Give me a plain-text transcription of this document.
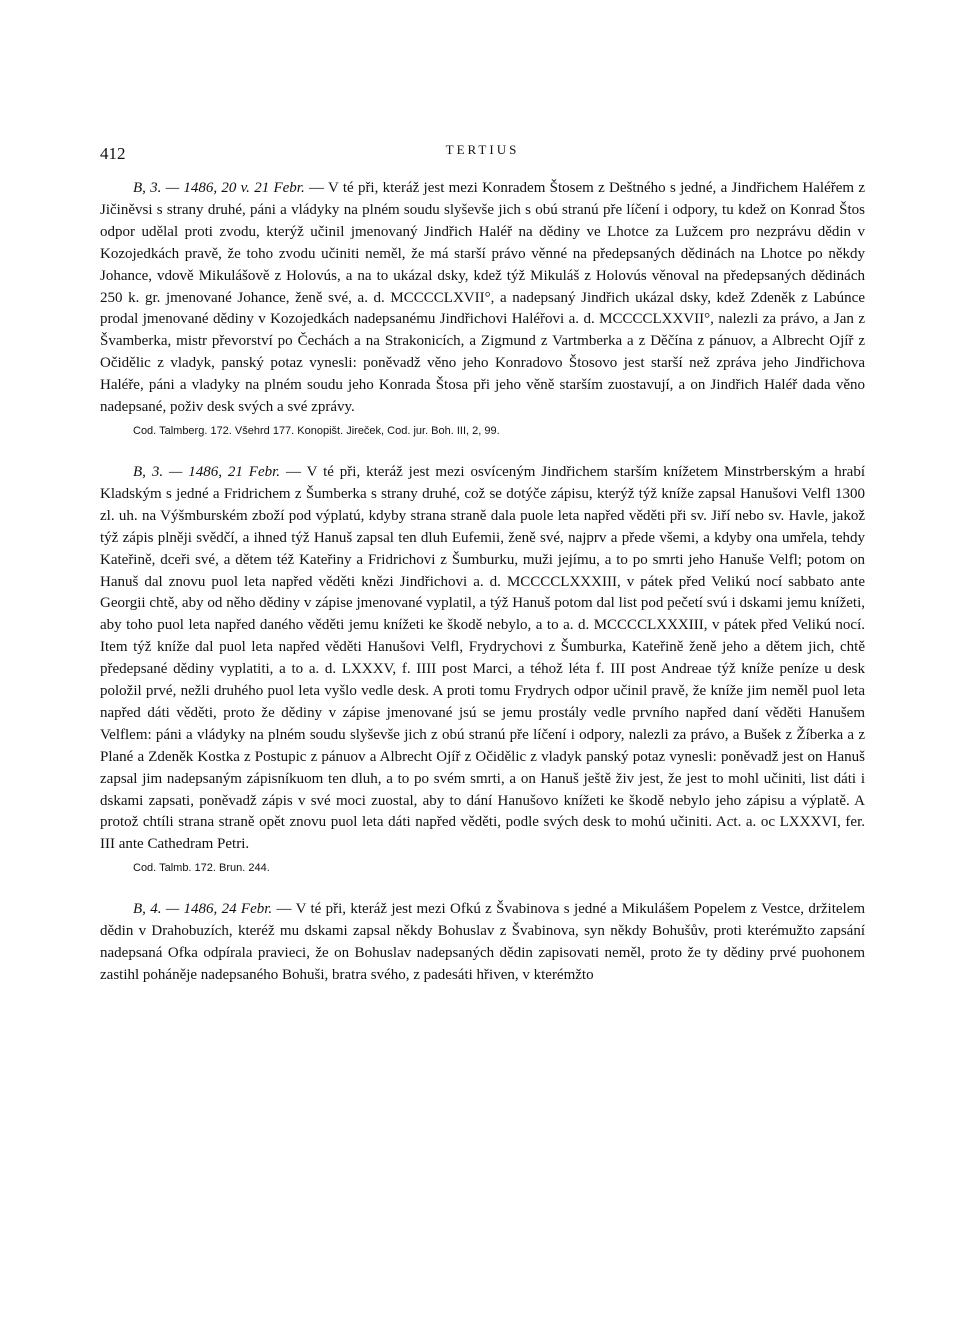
412	TERTIUS

B, 3. — 1486, 20 v. 21 Febr. — V té při, kteráž jest mezi Konradem Štosem z Deštného s jedné, a Jindřichem Haléřem z Jičiněvsi s strany druhé, páni a vládyky na plném soudu slyševše jich s obú stranú pře líčení i odpory, tu kdež on Konrad Štos odpor udělal proti zvodu, kterýž učinil jmenovaný Jindřich Haléř na dědiny ve Lhotce za Lužcem pro nezprávu dědin v Kozojedkách pravě, že toho zvodu učiniti neměl, že má starší právo věnné na předepsaných dědinách na Lhotce po někdy Johance, vdově Mikulášově z Holovús, a na to ukázal dsky, kdež týž Mikuláš z Holovús věnoval na předepsaných dědinách 250 k. gr. jmenované Johance, ženě své, a. d. MCCCCLXVII°, a nadepsaný Jindřich ukázal dsky, kdež Zdeněk z Labúnce prodal jmenované dědiny v Kozojedkách nadepsanému Jindřichovi Haléřovi a. d. MCCCCLXXVII°, nalezli za právo, a Jan z Švamberka, mistr převorství po Čechách a na Strakonicích, a Zigmund z Vartmberka a z Děčína z pánuov, a Albrecht Ojíř z Očidělic z vladyk, panský potaz vynesli: poněvadž věno jeho Konradovo Štosovo jest starší než zpráva jeho Jindřichova Haléře, páni a vladyky na plném soudu jeho Konrada Štosa při jeho věně starším zuostavují, a on Jindřich Haléř dada věno nadepsané, poživ desk svých a své zprávy.

Cod. Talmberg. 172. Všehrd 177. Konopišt. Jireček, Cod. jur. Boh. III, 2, 99.

B, 3. — 1486, 21 Febr. — V té při, kteráž jest mezi osvíceným Jindřichem starším knížetem Minstrberským a hrabí Kladským s jedné a Fridrichem z Šumberka s strany druhé, což se dotýče zápisu, kterýž týž kníže zapsal Hanušovi Velfl 1300 zl. uh. na Výšmburském zboží pod výplatú, kdyby strana straně dala puole leta napřed věděti při sv. Jiří nebo sv. Havle, jakož týž zápis plněji svědčí, a ihned týž Hanuš zapsal ten dluh Eufemii, ženě své, najprv a přede všemi, a kdyby ona umřela, tehdy Kateřině, dceři své, a dětem též Kateřiny a Fridrichovi z Šumburku, muži jejímu, a to po smrti jeho Hanuše Velfl; potom on Hanuš dal znovu puol leta napřed věděti knězi Jindřichovi a. d. MCCCCLXXXIII, v pátek před Velikú nocí sabbato ante Georgii chtě, aby od něho dědiny v zápise jmenované vyplatil, a týž Hanuš potom dal list pod pečetí svú i dskami jemu knížeti, aby toho puol leta napřed daného věděti jemu knížeti ke škodě nebylo, a to a. d. MCCCCLXXXIII, v pátek před Velikú nocí. Item týž kníže dal puol leta napřed věděti Hanušovi Velfl, Frydrychovi z Šumburka, Kateřině ženě jeho a dětem jich, chtě předepsané dědiny vyplatiti, a to a. d. LXXXV, f. IIII post Marci, a téhož léta f. III post Andreae týž kníže peníze u desk položil prvé, nežli druhého puol leta vyšlo vedle desk. A proti tomu Frydrych odpor učinil pravě, že kníže jim neměl puol leta napřed dáti věděti, proto že dědiny v zápise jmenované jsú se jemu prostály vedle prvního napřed daní věděti Hanušem Velflem: páni a vládyky na plném soudu slyševše jich z obú stranú pře líčení i odpory, nalezli za právo, a Bušek z Žíberka a z Plané a Zdeněk Kostka z Postupic z pánuov a Albrecht Ojíř z Očidělic z vladyk panský potaz vynesli: poněvadž jest on Hanuš zapsal jim nadepsaným zápisníkuom ten dluh, a to po svém smrti, a on Hanuš ještě živ jest, že jest to mohl učiniti, list dáti i dskami zapsati, poněvadž zápis v své moci zuostal, aby to dání Hanušovo knížeti ke škodě nebylo jeho zápisu a výplatě. A protož chtíli strana straně opět znovu puol leta dáti napřed věděti, podle svých desk to mohú učiniti. Act. a. oc LXXXVI, fer. III ante Cathedram Petri.

Cod. Talmb. 172. Brun. 244.

B, 4. — 1486, 24 Febr. — V té při, kteráž jest mezi Ofkú z Švabinova s jedné a Mikulášem Popelem z Vestce, držitelem dědin v Drahobuzích, kteréž mu dskami zapsal někdy Bohuslav z Švabinova, syn někdy Bohušův, proti kterémužto zapsání nadepsaná Ofka odpírala pravieci, že on Bohuslav nadepsaných dědin zapisovati neměl, proto že ty dědiny prvé puohonem zastihl poháněje nadepsaného Bohuši, bratra svého, z padesáti hřiven, v kterémžto
